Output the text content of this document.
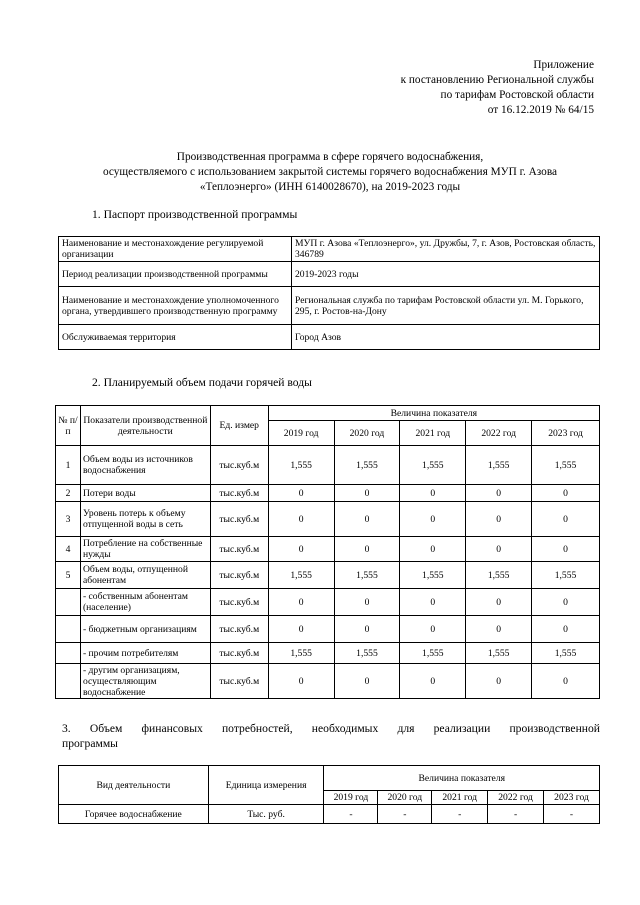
Приложение
к постановлению Региональной службы
по тарифам Ростовской области
от 16.12.2019 № 64/15
Производственная программа в сфере горячего водоснабжения,
осуществляемого с использованием закрытой системы горячего водоснабжения МУП г. Азова
«Теплоэнерго» (ИНН 6140028670), на 2019-2023 годы
1. Паспорт производственной программы
Наименование и местонахождение регулируемой организации	МУП г. Азова «Теплоэнерго», ул. Дружбы, 7, г. Азов, Ростовская область, 346789
Период реализации производственной программы	2019-2023 годы
Наименование и местонахождение уполномоченного органа, утвердившего производственную программу	Региональная служба по тарифам Ростовской области ул. М. Горького, 295, г. Ростов-на-Дону
Обслуживаемая территория	Город Азов
2. Планируемый объем подачи горячей воды
№ п/п	Показатели производственной деятельности	Ед. измер	Величина показателя				
			2019 год	2020 год	2021 год	2022 год	2023 год
1	Объем воды из источников водоснабжения	тыс.куб.м	1,555	1,555	1,555	1,555	1,555
2	Потери воды	тыс.куб.м	0	0	0	0	0
3	Уровень потерь к объему отпущенной воды в сеть	тыс.куб.м	0	0	0	0	0
4	Потребление на собственные нужды	тыс.куб.м	0	0	0	0	0
5	Объем воды, отпущенной абонентам	тыс.куб.м	1,555	1,555	1,555	1,555	1,555
	- собственным абонентам (население)	тыс.куб.м	0	0	0	0	0
	- бюджетным организациям	тыс.куб.м	0	0	0	0	0
	- прочим потребителям	тыс.куб.м	1,555	1,555	1,555	1,555	1,555
	- другим организациям, осуществляющим водоснабжение	тыс.куб.м	0	0	0	0	0
3. Объем финансовых потребностей, необходимых для реализации производственной
программы
Вид деятельности	Единица измерения	Величина показателя				
		2019 год	2020 год	2021 год	2022 год	2023 год
Горячее водоснабжение	Тыс. руб.	-	-	-	-	-
